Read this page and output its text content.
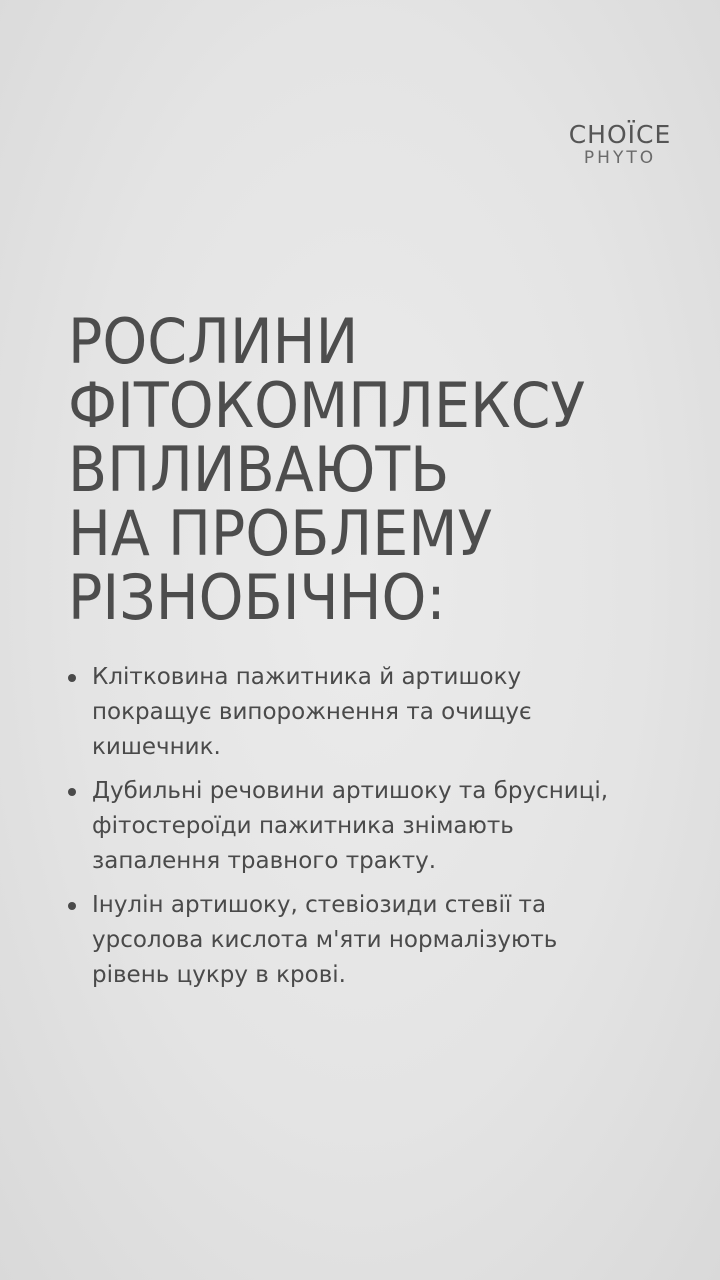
CHOÏCE
PHYTO
РОСЛИНИ
ФІТОКОМПЛЕКСУ
ВПЛИВАЮТЬ
НА ПРОБЛЕМУ
РІЗНОБІЧНО:
Клітковина пажитника й артишоку
покращує випорожнення та очищує
кишечник.
Дубильні речовини артишоку та брусниці,
фітостероїди пажитника знімають
запалення травного тракту.
Інулін артишоку, стевіозиди стевії та
урсолова кислота м'яти нормалізують
рівень цукру в крові.
